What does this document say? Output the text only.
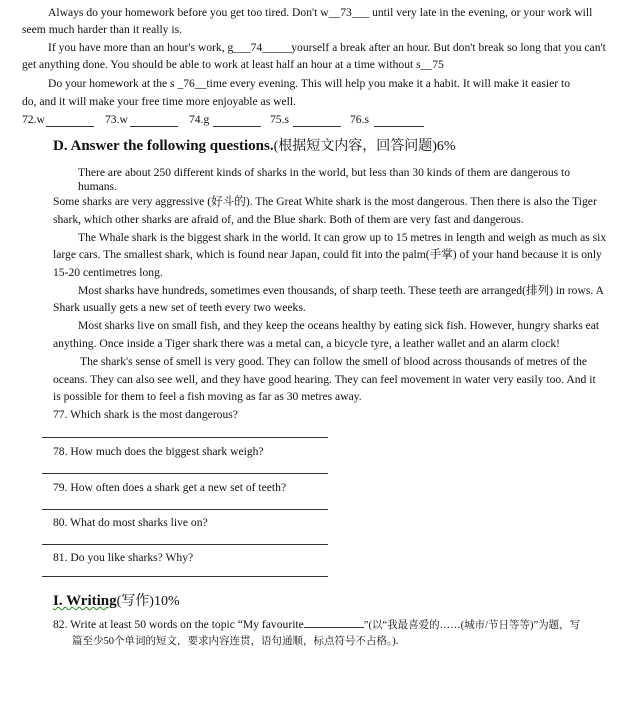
Always do your homework before you get too tired. Don't w__73___ until very late in the evening, or your work will
seem much harder than it really is.
If you have more than an hour's work, g___74_____yourself a break after an hour. But don't break so long that you can't
get anything done. You should be able to work at least half an hour at a time without s__75
Do your homework at the s _76__time every evening. This will help you make it a habit. It will make it easier to
do, and it will make your free time more enjoyable as well.
72.w	73.w	74.g	75.s	76.s
D. Answer the following questions.(根据短文内容，回答问题)6%
There are about 250 different kinds of sharks in the world, but less than 30 kinds of them are dangerous to
humans.
Some sharks are very aggressive (好斗的). The Great White shark is the most dangerous. Then there is also the Tiger
shark, which other sharks are afraid of, and the Blue shark. Both of them are very fast and dangerous.
The Whale shark is the biggest shark in the world. It can grow up to 15 metres in length and weigh as much as six
large cars. The smallest shark, which is found near Japan, could fit into the palm(手掌) of your hand because it is only
15-20 centimetres long.
Most sharks have hundreds, sometimes even thousands, of sharp teeth. These teeth are arranged(排列) in rows. A
Shark usually gets a new set of teeth every two weeks.
Most sharks live on small fish, and they keep the oceans healthy by eating sick fish. However, hungry sharks eat
anything. Once inside a Tiger shark there was a metal can, a bicycle tyre, a leather wallet and an alarm clock!
The shark's sense of smell is very good. They can follow the smell of blood across thousands of metres of the
oceans. They can also see well, and they have good hearing. They can feel movement in water very easily too. And it
is possible for them to feel a fish moving as far as 30 metres away.
77. Which shark is the most dangerous?
78. How much does the biggest shark weigh?
79. How often does a shark get a new set of teeth?
80. What do most sharks live on?
81. Do you like sharks? Why?
I. Writing(写作)10%
82. Write at least 50 words on the topic “My favourite	”(以“我最喜爱的……(城市/节日等等)”为题，写
篇至少50个单词的短文，要求内容连贯，语句通顺，标点符号不占格。).
